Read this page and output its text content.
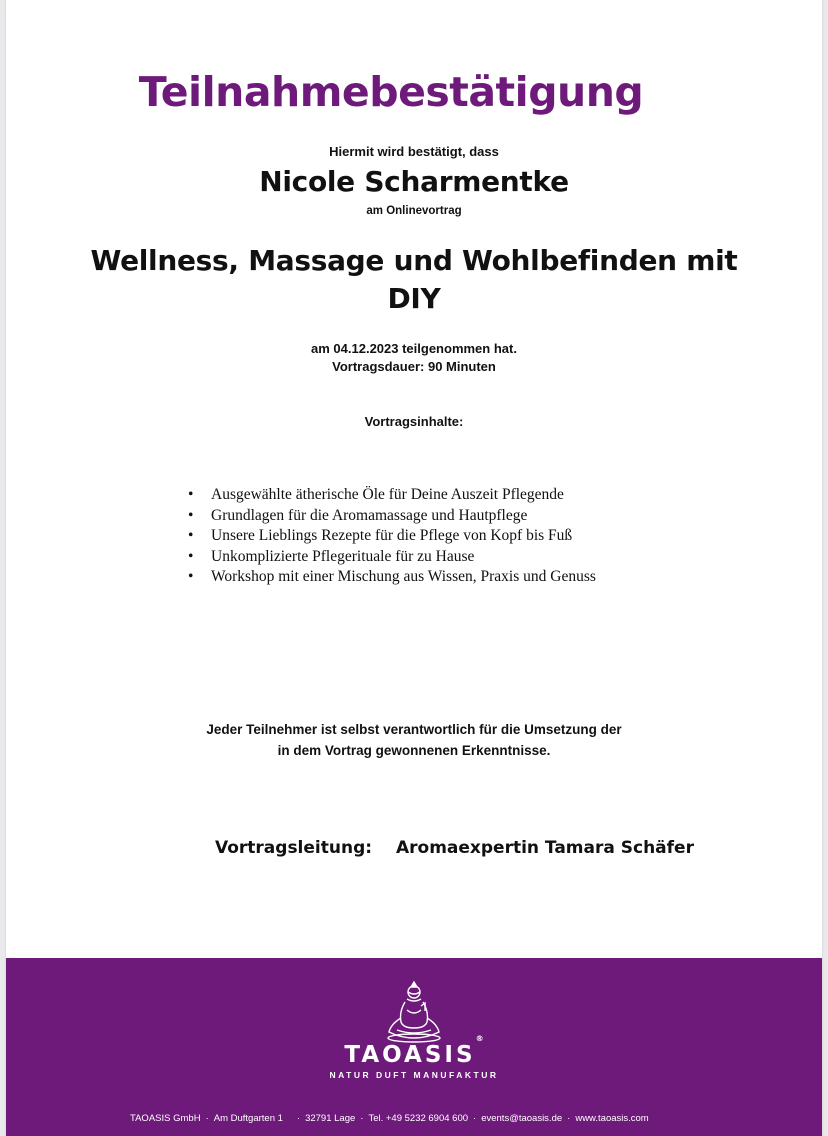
Teilnahmebestätigung
Hiermit wird bestätigt, dass
Nicole Scharmentke
am Onlinevortrag
Wellness, Massage und Wohlbefinden mit
DIY
am 04.12.2023 teilgenommen hat.
Vortragsdauer: 90 Minuten
Vortragsinhalte:
• Ausgewählte ätherische Öle für Deine Auszeit Pflegende
• Grundlagen für die Aromamassage und Hautpflege
• Unsere Lieblings Rezepte für die Pflege von Kopf bis Fuß
• Unkomplizierte Pflegerituale für zu Hause
• Workshop mit einer Mischung aus Wissen, Praxis und Genuss
Jeder Teilnehmer ist selbst verantwortlich für die Umsetzung der
in dem Vortrag gewonnenen Erkenntnisse.
Vortragsleitung: Aromaexpertin Tamara Schäfer
TAOASIS®
NATUR DUFT MANUFAKTUR
TAOASIS GmbH · Am Duftgarten 1 · 32791 Lage · Tel. +49 5232 6904 600 · events@taoasis.de · www.taoasis.com
